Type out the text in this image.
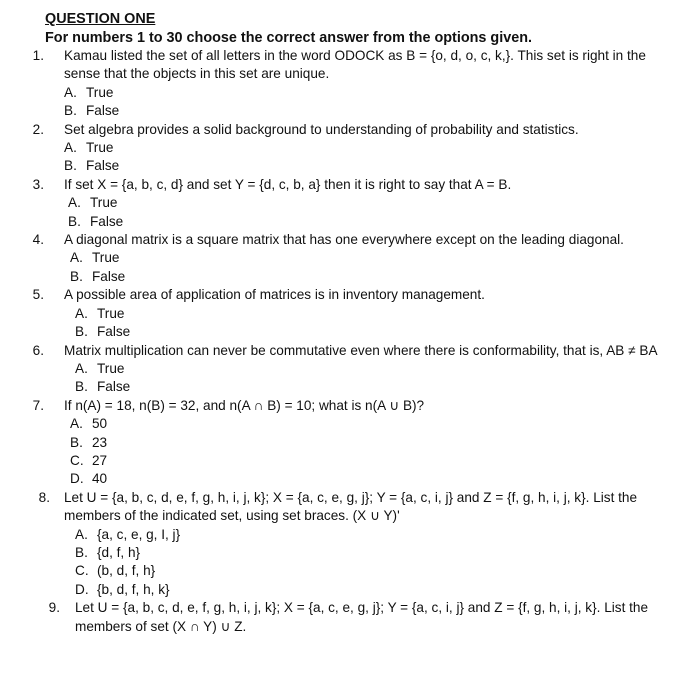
QUESTION ONE
For numbers 1 to 30 choose the correct answer from the options given.
1. Kamau listed the set of all letters in the word ODOCK as B = {o, d, o, c, k,}. This set is right in the
sense that the objects in this set are unique.
A. True
B. False
2. Set algebra provides a solid background to understanding of probability and statistics.
A. True
B. False
3. If set X = {a, b, c, d} and set Y = {d, c, b, a} then it is right to say that A = B.
A. True
B. False
4. A diagonal matrix is a square matrix that has one everywhere except on the leading diagonal.
A. True
B. False
5. A possible area of application of matrices is in inventory management.
A. True
B. False
6. Matrix multiplication can never be commutative even where there is conformability, that is, AB ≠ BA
A. True
B. False
7. If n(A) = 18, n(B) = 32, and n(A ∩ B) = 10; what is n(A ∪ B)?
A. 50
B. 23
C. 27
D. 40
8. Let U = {a, b, c, d, e, f, g, h, i, j, k}; X = {a, c, e, g, j}; Y = {a, c, i, j} and Z = {f, g, h, i, j, k}. List the
members of the indicated set, using set braces. (X ∪ Y)'
A. {a, c, e, g, I, j}
B. {d, f, h}
C. (b, d, f, h}
D. {b, d, f, h, k}
9. Let U = {a, b, c, d, e, f, g, h, i, j, k}; X = {a, c, e, g, j}; Y = {a, c, i, j} and Z = {f, g, h, i, j, k}. List the
members of set (X ∩ Y) ∪ Z.
